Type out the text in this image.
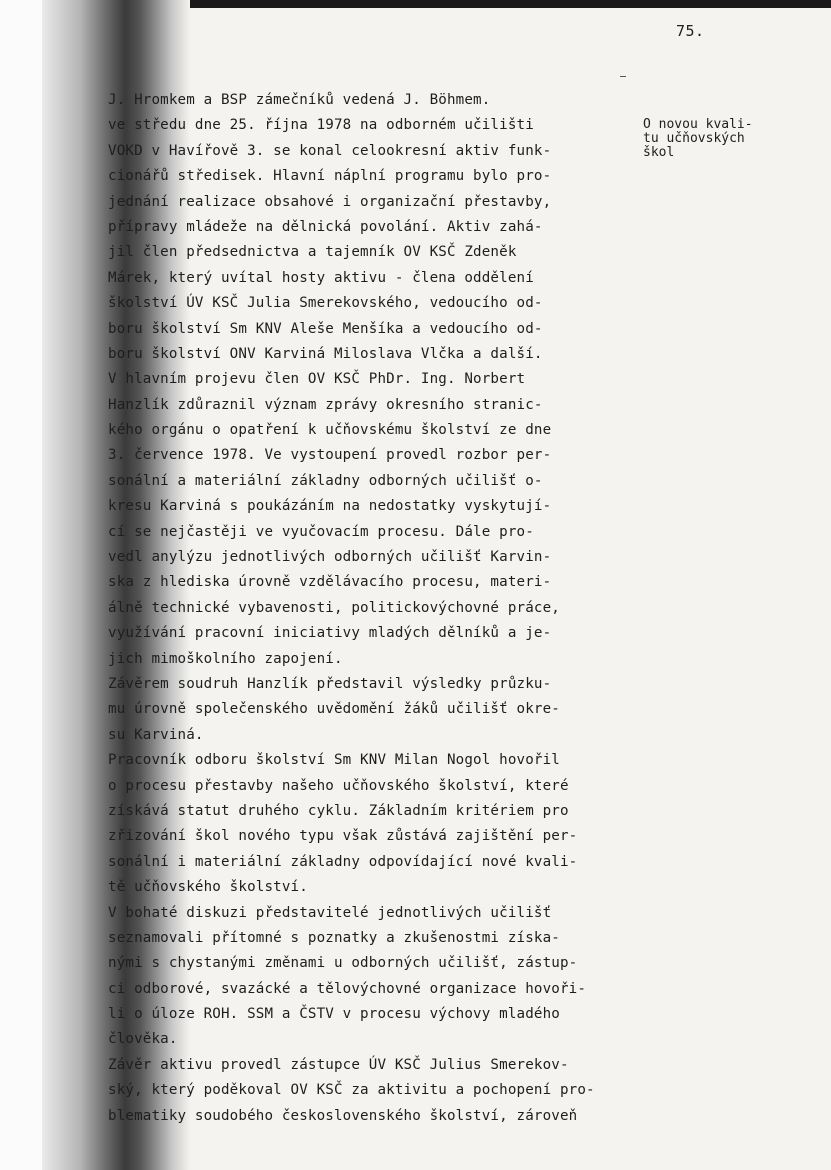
75.
O novou kvali-
tu učňovských
škol
J. Hromkem a BSP zámečníků vedená J. Böhmem.
ve středu dne 25. října 1978 na odborném učilišti
VOKD v Havířově 3. se konal celookresní aktiv funk-
cionářů středisek. Hlavní náplní programu bylo pro-
jednání realizace obsahové i organizační přestavby,
přípravy mládeže na dělnická povolání. Aktiv zahá-
jil člen předsednictva a tajemník OV KSČ Zdeněk
Márek, který uvítal hosty aktivu - člena oddělení
školství ÚV KSČ Julia Smerekovského, vedoucího od-
boru školství Sm KNV Aleše Menšíka a vedoucího od-
boru školství ONV Karviná Miloslava Vlčka a další.
V hlavním projevu člen OV KSČ PhDr. Ing. Norbert
Hanzlík zdůraznil význam zprávy okresního stranic-
kého orgánu o opatření k učňovskému školství ze dne
3. července 1978. Ve vystoupení provedl rozbor per-
sonální a materiální základny odborných učilišť o-
kresu Karviná s poukázáním na nedostatky vyskytují-
cí se nejčastěji ve vyučovacím procesu. Dále pro-
vedl anylýzu jednotlivých odborných učilišť Karvin-
ska z hlediska úrovně vzdělávacího procesu, materi-
álně technické vybavenosti, politickovýchovné práce,
využívání pracovní iniciativy mladých dělníků a je-
jich mimoškolního zapojení.
Závěrem soudruh Hanzlík představil výsledky průzku-
mu úrovně společenského uvědomění žáků učilišť okre-
su Karviná.
Pracovník odboru školství Sm KNV Milan Nogol hovořil
o procesu přestavby našeho učňovského školství, které
získává statut druhého cyklu. Základním kritériem pro
zřizování škol nového typu však zůstává zajištění per-
sonální i materiální základny odpovídající nové kvali-
tě učňovského školství.
V bohaté diskuzi představitelé jednotlivých učilišť
seznamovali přítomné s poznatky a zkušenostmi získa-
nými s chystanými změnami u odborných učilišť, zástup-
ci odborové, svazácké a tělovýchovné organizace hovoři-
li o úloze ROH. SSM a ČSTV v procesu výchovy mladého
člověka.
Závěr aktivu provedl zástupce ÚV KSČ Julius Smerekov-
ský, který poděkoval OV KSČ za aktivitu a pochopení pro-
blematiky soudobého československého školství, zároveň
